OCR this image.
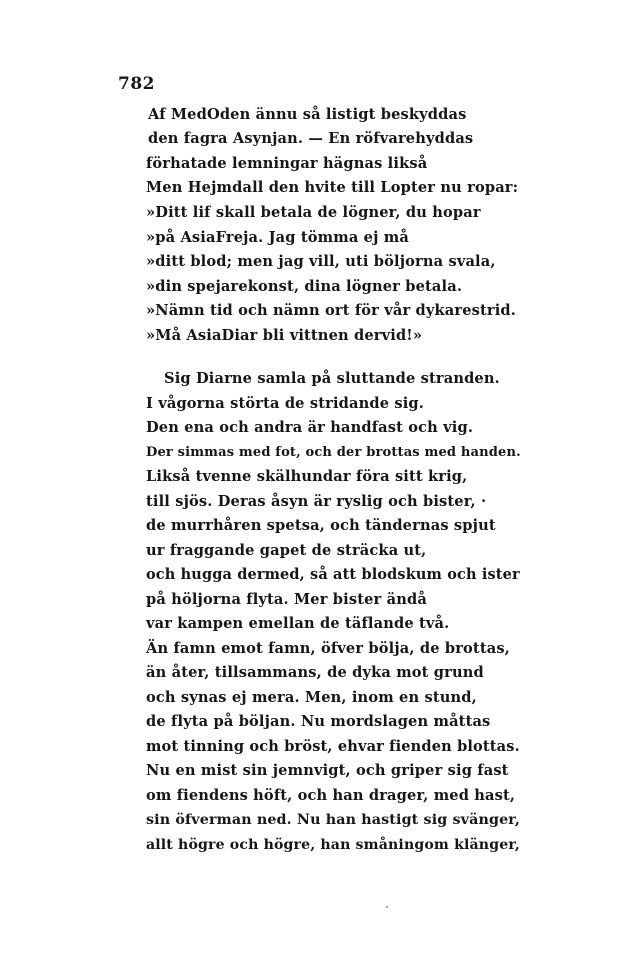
782
Af MedOden ännu så listigt beskyddas
den fagra Asynjan. — En röfvarehyddas
förhatade lemningar hägnas likså
Men Hejmdall den hvite till Lopter nu ropar:
»Ditt lif skall betala de lögner, du hopar
»på AsiaFreja. Jag tömma ej må
»ditt blod; men jag vill, uti böljorna svala,
»din spejarekonst, dina lögner betala.
»Nämn tid och nämn ort för vår dykarestrid.
»Må AsiaDiar bli vittnen dervid!»
Sig Diarne samla på sluttande stranden.
I vågorna störta de stridande sig.
Den ena och andra är handfast och vig.
Der simmas med fot, och der brottas med handen.
Likså tvenne skälhundar föra sitt krig,
till sjös. Deras åsyn är ryslig och bister, ·
de murrhåren spetsa, och tändernas spjut
ur fraggande gapet de sträcka ut,
och hugga dermed, så att blodskum och ister
på höljorna flyta. Mer bister ändå
var kampen emellan de täflande två.
Än famn emot famn, öfver bölja, de brottas,
än åter, tillsammans, de dyka mot grund
och synas ej mera. Men, inom en stund,
de flyta på böljan. Nu mordslagen måttas
mot tinning och bröst, ehvar fienden blottas.
Nu en mist sin jemnvigt, och griper sig fast
om fiendens höft, och han drager, med hast,
sin öfverman ned. Nu han hastigt sig svänger,
allt högre och högre, han småningom klänger,
